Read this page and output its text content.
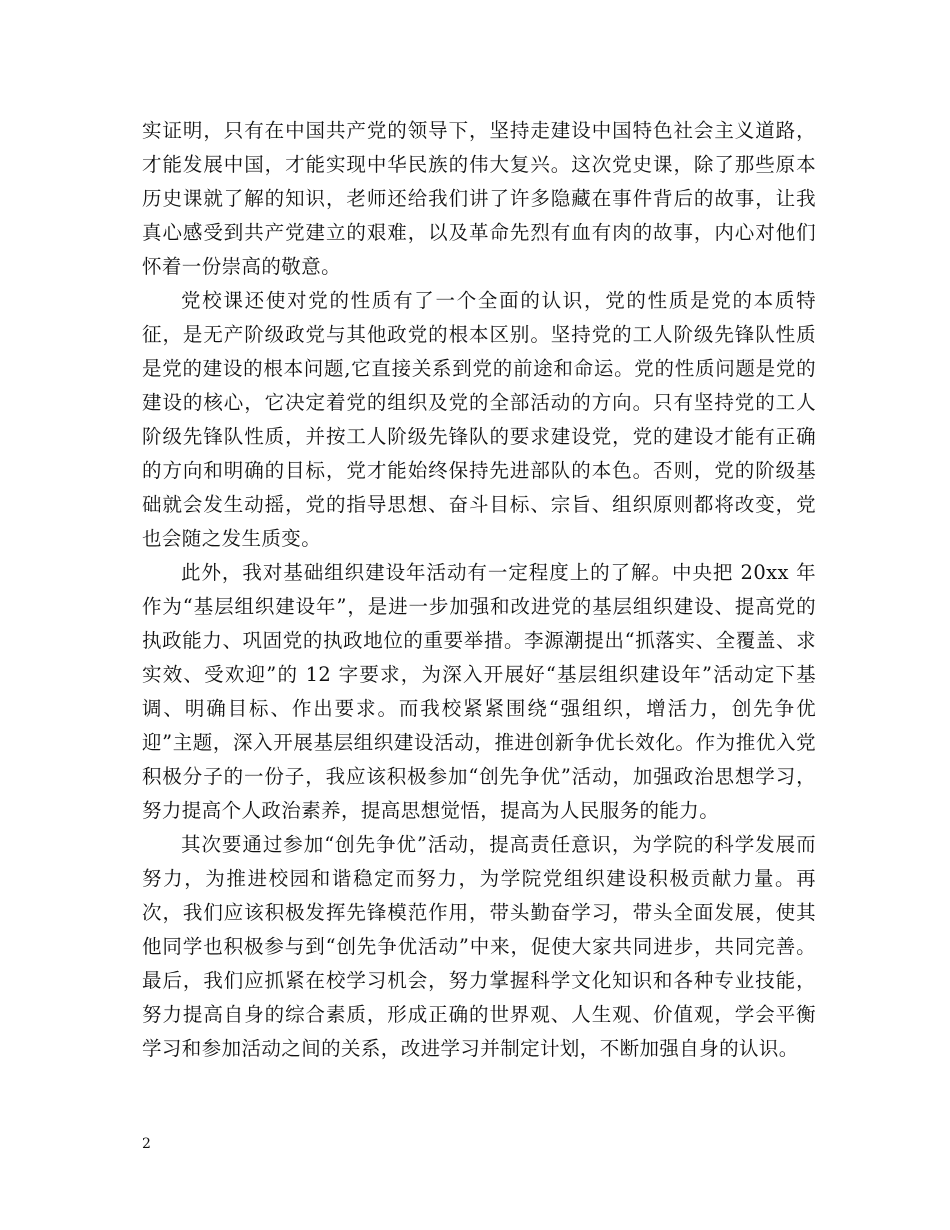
实证明，只有在中国共产党的领导下，坚持走建设中国特色社会主义道路，才能发展中国，才能实现中华民族的伟大复兴。这次党史课，除了那些原本历史课就了解的知识，老师还给我们讲了许多隐藏在事件背后的故事，让我真心感受到共产党建立的艰难，以及革命先烈有血有肉的故事，内心对他们怀着一份崇高的敬意。

党校课还使对党的性质有了一个全面的认识，党的性质是党的本质特征，是无产阶级政党与其他政党的根本区别。坚持党的工人阶级先锋队性质是党的建设的根本问题,它直接关系到党的前途和命运。党的性质问题是党的建设的核心，它决定着党的组织及党的全部活动的方向。只有坚持党的工人阶级先锋队性质，并按工人阶级先锋队的要求建设党，党的建设才能有正确的方向和明确的目标，党才能始终保持先进部队的本色。否则，党的阶级基础就会发生动摇，党的指导思想、奋斗目标、宗旨、组织原则都将改变，党也会随之发生质变。

此外，我对基础组织建设年活动有一定程度上的了解。中央把 20xx 年作为“基层组织建设年”，是进一步加强和改进党的基层组织建设、提高党的执政能力、巩固党的执政地位的重要举措。李源潮提出“抓落实、全覆盖、求实效、受欢迎”的 12 字要求，为深入开展好“基层组织建设年”活动定下基调、明确目标、作出要求。而我校紧紧围绕“强组织，增活力，创先争优迎”主题，深入开展基层组织建设活动，推进创新争优长效化。作为推优入党积极分子的一份子，我应该积极参加“创先争优”活动，加强政治思想学习，努力提高个人政治素养，提高思想觉悟，提高为人民服务的能力。

其次要通过参加“创先争优”活动，提高责任意识，为学院的科学发展而努力，为推进校园和谐稳定而努力，为学院党组织建设积极贡献力量。再次，我们应该积极发挥先锋模范作用，带头勤奋学习，带头全面发展，使其他同学也积极参与到“创先争优活动”中来，促使大家共同进步，共同完善。最后，我们应抓紧在校学习机会，努力掌握科学文化知识和各种专业技能，努力提高自身的综合素质，形成正确的世界观、人生观、价值观，学会平衡学习和参加活动之间的关系，改进学习并制定计划，不断加强自身的认识。

2
